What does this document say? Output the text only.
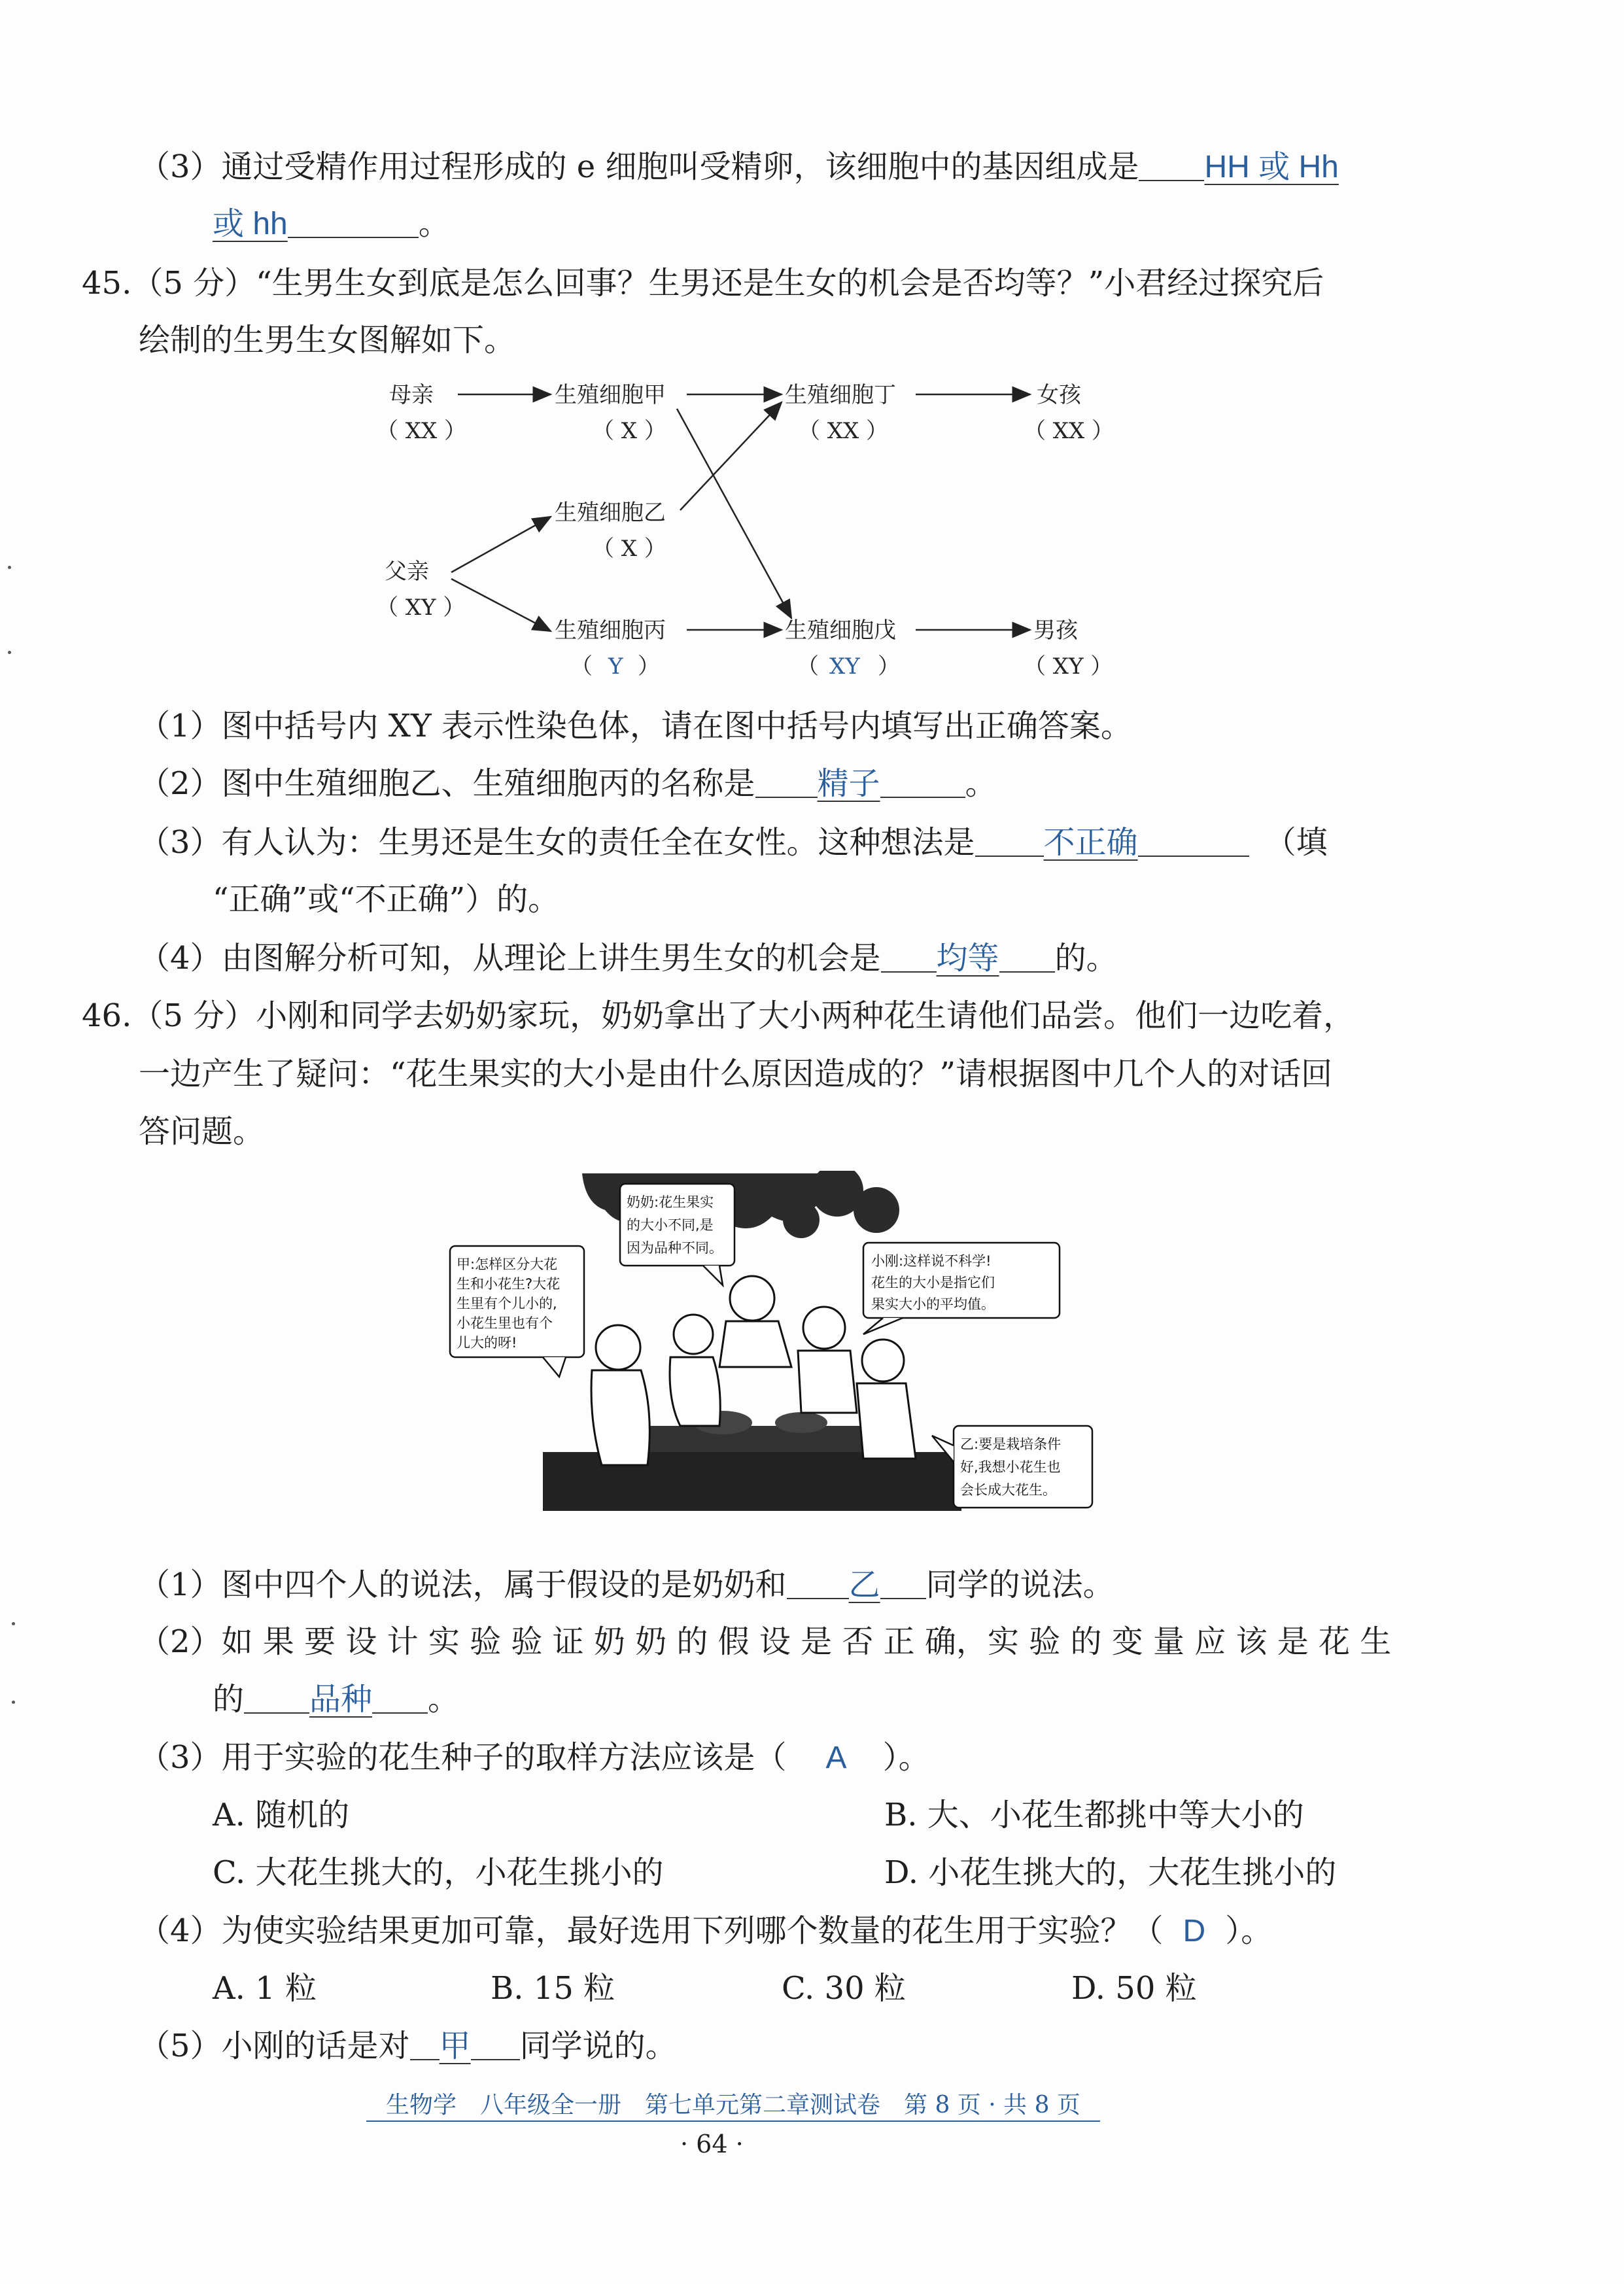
（3）通过受精作用过程形成的 e 细胞叫受精卵，该细胞中的基因组成是 HH 或 Hh
或 hh	。
45.（5 分）“生男生女到底是怎么回事？生男还是生女的机会是否均等？”小君经过探究后
绘制的生男生女图解如下。
母亲
（ XX ）
父亲
（ XY ）
生殖细胞甲
（ X ）
生殖细胞乙
（ X ）
生殖细胞丙
（ Y ）
生殖细胞丁
（ XX ）
生殖细胞戊
（ XY ）
女孩
（ XX ）
男孩
（ XY ）
（1）图中括号内 XY 表示性染色体，请在图中括号内填写出正确答案。
（2）图中生殖细胞乙、生殖细胞丙的名称是 精子	。
（3）有人认为：生男还是生女的责任全在女性。这种想法是 不正确	（填
“正确”或“不正确”）的。
（4）由图解分析可知，从理论上讲生男生女的机会是 均等 的。
46.（5 分）小刚和同学去奶奶家玩，奶奶拿出了大小两种花生请他们品尝。他们一边吃着，
一边产生了疑问：“花生果实的大小是由什么原因造成的？”请根据图中几个人的对话回
答问题。
甲:怎样区分大花
生和小花生?大花
生里有个儿小的,
小花生里也有个
儿大的呀!
奶奶:花生果实
的大小不同,是
因为品种不同。
小刚:这样说不科学!
花生的大小是指它们
果实大小的平均值。
乙:要是栽培条件
好,我想小花生也
会长成大花生。
（1）图中四个人的说法，属于假设的是奶奶和 乙 同学的说法。
（2）如 果 要 设 计 实 验 验 证 奶 奶 的 假 设 是 否 正 确，实 验 的 变 量 应 该 是 花 生
的 品种 。
（3）用于实验的花生种子的取样方法应该是（ A ）。
A. 随机的	B. 大、小花生都挑中等大小的
C. 大花生挑大的，小花生挑小的	D. 小花生挑大的，大花生挑小的
（4）为使实验结果更加可靠，最好选用下列哪个数量的花生用于实验？（ D ）。
A. 1 粒	B. 15 粒	C. 30 粒	D. 50 粒
（5）小刚的话是对 甲 同学说的。
生物学　八年级全一册　第七单元第二章测试卷　第 8 页 · 共 8 页
· 64 ·
